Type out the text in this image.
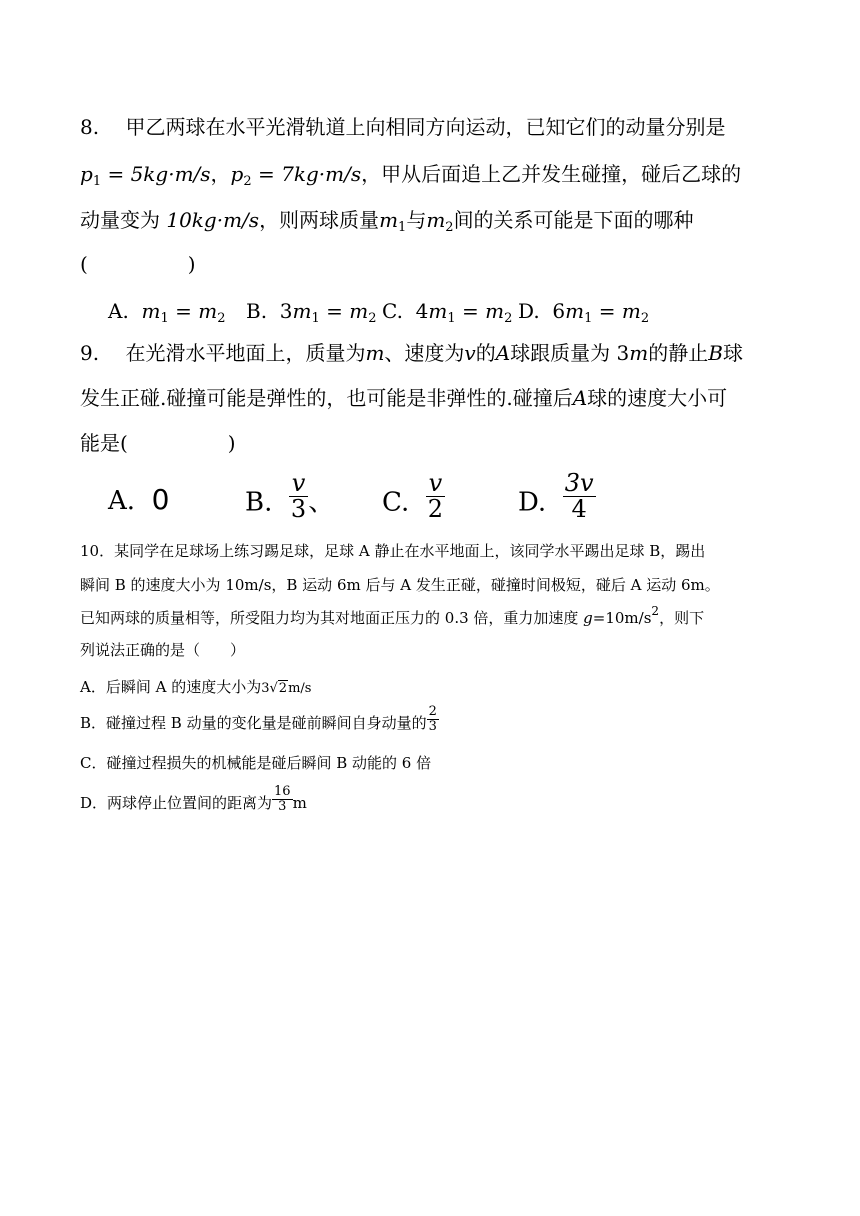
8.　 甲乙两球在水平光滑轨道上向相同方向运动，已知它们的动量分别是
$p_1 = 5kg\cdot m/s$，$p_2 = 7kg\cdot m/s$，甲从后面追上乙并发生碰撞，碰后乙球的
动量变为 10kg·m/s，则两球质量$m_1$与$m_2$间的关系可能是下面的哪种
(　　　　　)
A. $m_1 = m_2$ B. $3m_1 = m_2$ C. $4m_1 = m_2$ D. $6m_1 = m_2$
9.　 在光滑水平地面上，质量为m、速度为v的A球跟质量为 3m的静止B球
发生正碰.碰撞可能是弹性的，也可能是非弹性的.碰撞后A球的速度大小可
能是(　　　　　)
A. 0	B. $\frac{v}{3}$ 、 C. $\frac{v}{2}$	D. $\frac{3v}{4}$
10．某同学在足球场上练习踢足球，足球 A 静止在水平地面上，该同学水平踢出足球 B，踢出
瞬间 B 的速度大小为 10m/s，B 运动 6m 后与 A 发生正碰，碰撞时间极短，碰后 A 运动 6m。
已知两球的质量相等，所受阻力均为其对地面正压力的 0.3 倍，重力加速度 $g=10m/s^2$，则下
列说法正确的是（　　）
A．后瞬间 A 的速度大小为3√2m/s
B．碰撞过程 B 动量的变化量是碰前瞬间自身动量的 $\frac{2}{3}$
C．碰撞过程损失的机械能是碰后瞬间 B 动能的 6 倍
D．两球停止位置间的距离为 $\frac{16}{3}$ m
